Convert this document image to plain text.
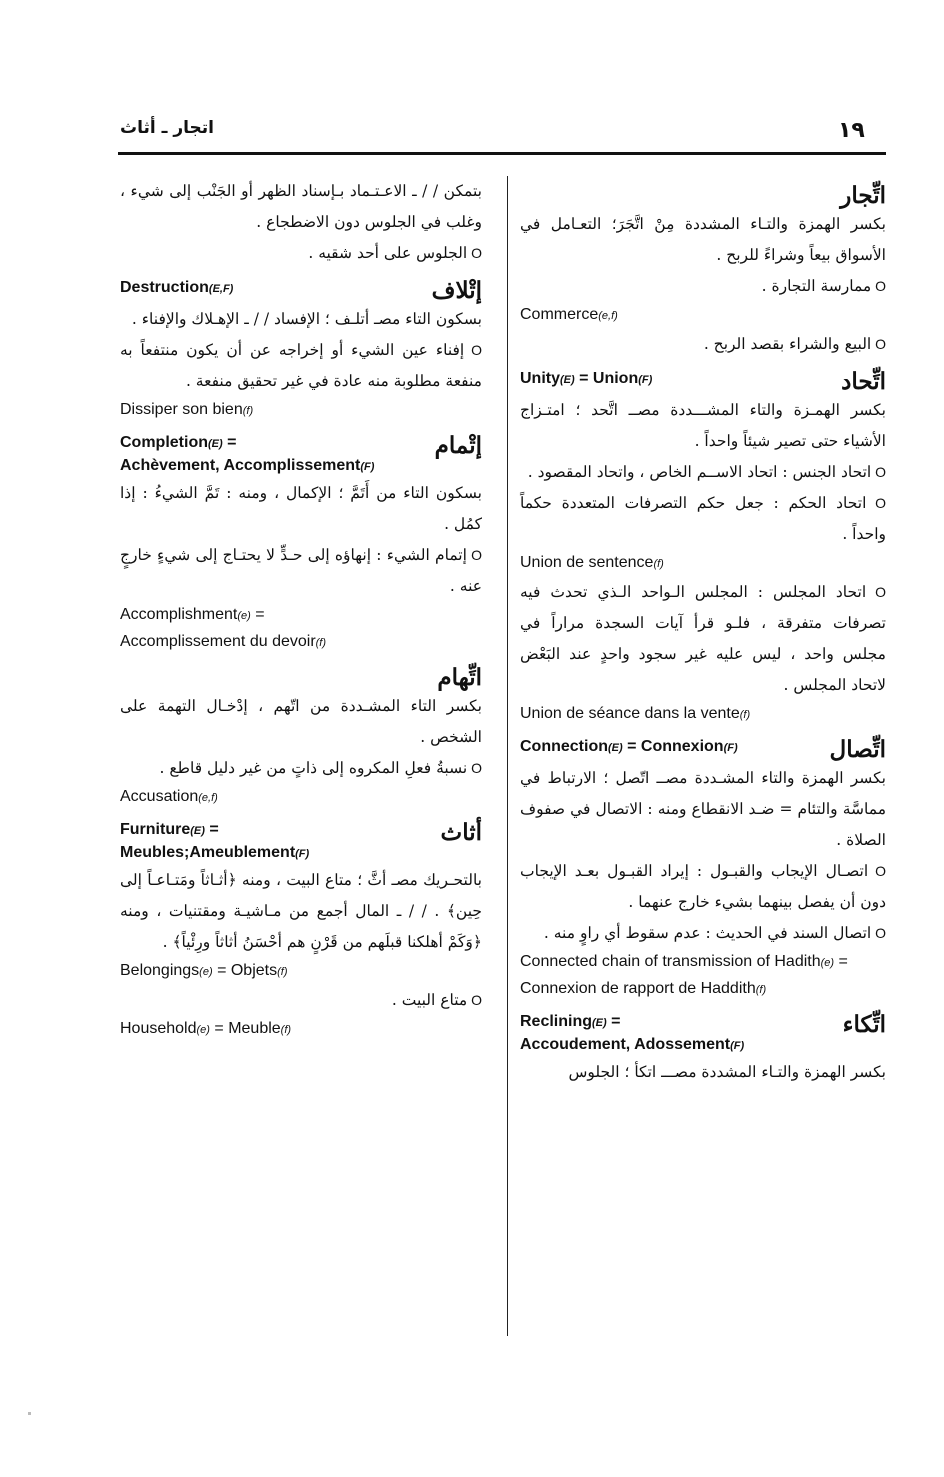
١٩
اتجار ـ أثاث
اتِّجار

بكسر الهمزة والتـاء المشددة مِنْ اتَّجَرَ؛ التعـامل في الأسواق بيعاً وشراءً للربح .

O ممارسة التجارة .

Commerce(e,f)

O البيع والشراء بقصد الربح .

Unity(E) = Union(F)	اتِّحاد

بكسر الهمـزة والتاء المشـــددة مصــ اتَّحد ؛ امتـزاج الأشياء حتى تصير شيئاً واحداً .

O اتحاد الجنس : اتحاد الاســم الخاص ، واتحاد المقصود .

O اتحاد الحكم : جعل حكم التصرفات المتعددة حكماً واحداً .

Union de sentence(f)

O اتحاد المجلس : المجلس الـواحد الـذي تحدث فيه تصرفات متفرقة ، فلـو قرأ آيات السجدة مراراً في مجلس واحد ، ليس عليه غير سجود واحدٍ عند البَعْض لاتحاد المجلس .

Union de séance dans la vente(f)

Connection(E) = Connexion(F)	اتِّصال

بكسر الهمزة والتاء المشـددة مصــ اتّصل ؛ الارتباط في مماسَّة والتئام = ضـد الانقطاع ومنه : الاتصال في صفوف الصلاة .

O اتصـال الإيجاب والقبـول : إيراد القبـول بعـد الإيجاب دون أن يفصل بينهما بشيء خارج عنهما .

O اتصال السند في الحديث : عدم سقوط أي راوٍ منه .

Connected chain of transmission of Hadith(e) =

Connexion de rapport de Haddith(f)

Reclining(E) =
Accoudement, Adossement(F)
اتِّكاء

بكسر الهمزة والتـاء المشددة مصـــ اتكأ ؛ الجلوس

بتمكن / / ـ الاعـتـماد بـإسناد الظهر أو الجَنْب إلى شيء ، وغلب في الجلوس دون الاضطجاع .

O الجلوس على أحد شقيه .

Destruction(E,F)	إتْلاف

بسكون التاء مصـ أتلـف ؛ الإفساد / / ـ الإهـلاك والإفناء .

O إفناء عين الشيء أو إخراجه عن أن يكون منتفعاً به منفعة مطلوبة منه عادة في غير تحقيق منفعة .

Dissiper son bien(f)

Completion(E) =
Achèvement, Accomplissement(F)
إتْمام

بسكون التاء من أَتَمَّ ؛ الإكمال ، ومنه : تَمَّ الشيءُ : إذا كمُل .

O إتمام الشيء : إنهاؤه إلى حـدٍّ لا يحتـاج إلى شيءٍ خارجٍ عنه .

Accomplishment(e) =

Accomplissement du devoir(f)

اتِّهام

بكسر التاء المشـددة من اتّهم ، إدْخـال التهمة على الشخص .

O نسبةُ فعلِ المكروه إلى ذاتٍ من غير دليل قاطع .

Accusation(e,f)

Furniture(E) =
Meubles;Ameublement(F)
أثاث

بالتحـريك مصـ أثَّ ؛ متاع البيت ، ومنه ﴿أثـاثاً ومَتـاعـاً إلى حِين﴾ . / / ـ المال أجمع من مـاشيـة ومقتنيات ، ومنه ﴿وَكَمْ أهلكنا قبلَهم من قَرْنٍ هم أحْسَنُ أثاثاً ورِئْياً﴾ .

Belongings(e) = Objets(f)

O متاع البيت .

Household(e) = Meuble(f)
